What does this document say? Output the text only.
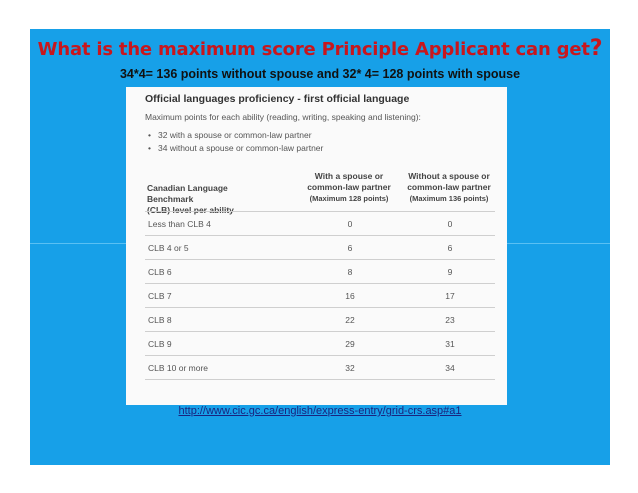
What is the maximum score Principle Applicant can get?
34*4= 136 points without spouse and 32* 4= 128 points with spouse
Official languages proficiency - first official language
Maximum points for each ability (reading, writing, speaking and listening):
• 32 with a spouse or common-law partner
• 34 without a spouse or common-law partner
Canadian Language Benchmark
(CLB) level per ability
With a spouse or
common-law partner
(Maximum 128 points)
Without a spouse or
common-law partner
(Maximum 136 points)
Less than CLB 4	0	0
CLB 4 or 5	6	6
CLB 6	8	9
CLB 7	16	17
CLB 8	22	23
CLB 9	29	31
CLB 10 or more	32	34
http://www.cic.gc.ca/english/express-entry/grid-crs.asp#a1
